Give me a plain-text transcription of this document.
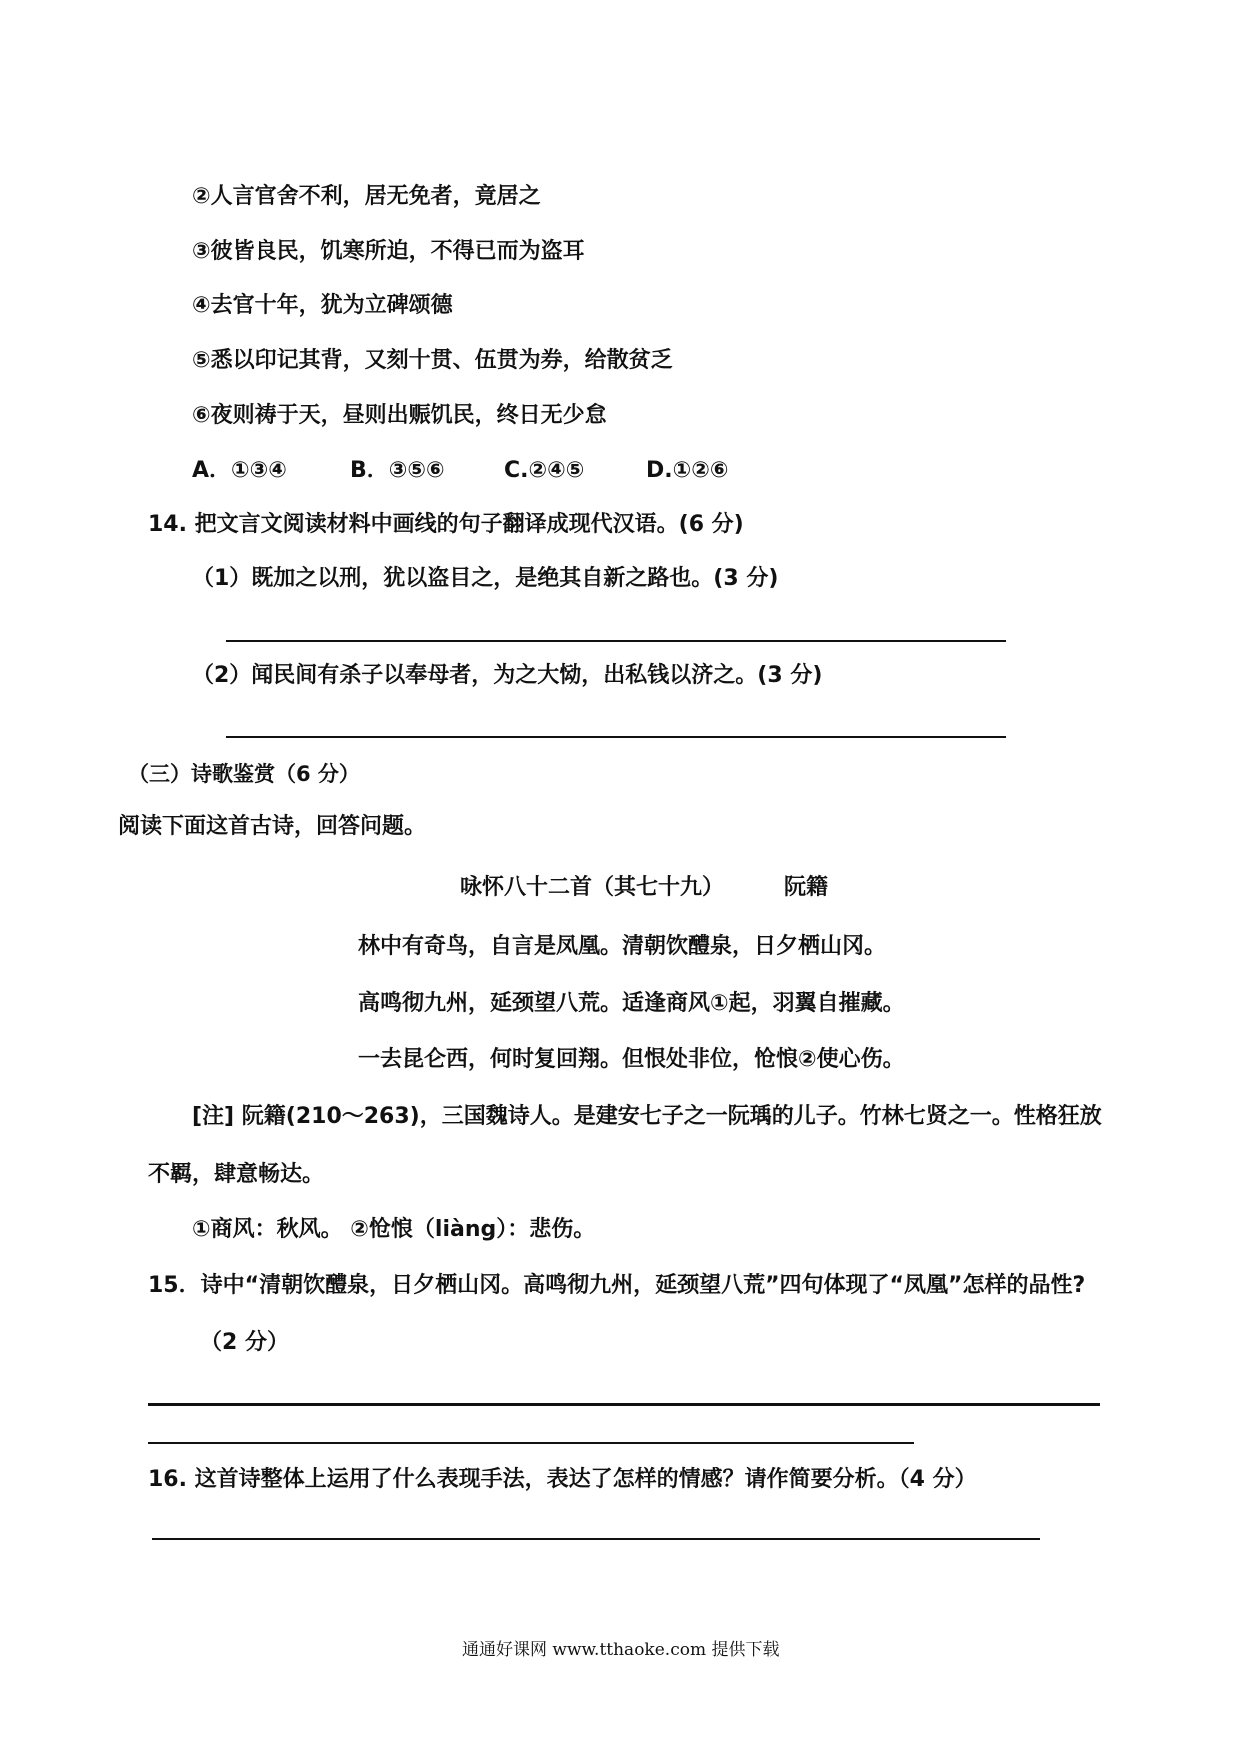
②人言官舍不利，居无免者，竟居之
③彼皆良民，饥寒所迫，不得已而为盗耳
④去官十年，犹为立碑颂德
⑤悉以印记其背，又刻十贯、伍贯为券，给散贫乏
⑥夜则祷于天，昼则出赈饥民，终日无少怠
A．①③④	B．③⑤⑥	C.②④⑤	D.①②⑥
14. 把文言文阅读材料中画线的句子翻译成现代汉语。(6 分)
（1）既加之以刑，犹以盗目之，是绝其自新之路也。(3 分)
（2）闻民间有杀子以奉母者，为之大恸，出私钱以济之。(3 分)
（三）诗歌鉴赏（6 分）
阅读下面这首古诗，回答问题。
咏怀八十二首（其七十九）	阮籍
林中有奇鸟，自言是凤凰。清朝饮醴泉，日夕栖山冈。
高鸣彻九州，延颈望八荒。适逢商风①起，羽翼自摧藏。
一去昆仑西，何时复回翔。但恨处非位，怆悢②使心伤。
[注] 阮籍(210～263)，三国魏诗人。是建安七子之一阮瑀的儿子。竹林七贤之一。性格狂放
不羁，肆意畅达。
①商风：秋风。 ②怆悢（liàng）：悲伤。
15．诗中“清朝饮醴泉，日夕栖山冈。高鸣彻九州，延颈望八荒”四句体现了“凤凰”怎样的品性?
（2 分）
16. 这首诗整体上运用了什么表现手法，表达了怎样的情感？请作简要分析。（4 分）
通通好课网 www.tthaoke.com 提供下载
